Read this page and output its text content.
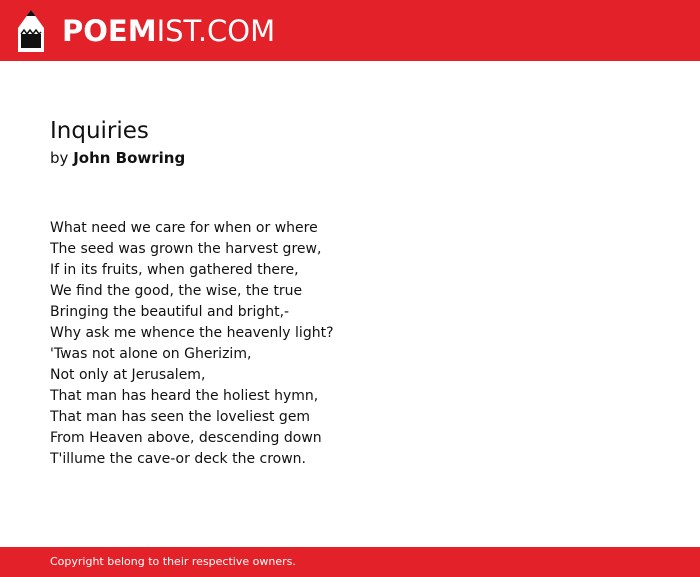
POEMIST.COM
Inquiries

by John Bowring

What need we care for when or where
The seed was grown the harvest grew,
If in its fruits, when gathered there,
We find the good, the wise, the true
Bringing the beautiful and bright,-
Why ask me whence the heavenly light?
'Twas not alone on Gherizim,
Not only at Jerusalem,
That man has heard the holiest hymn,
That man has seen the loveliest gem
From Heaven above, descending down
T'illume the cave-or deck the crown.
Copyright belong to their respective owners.
